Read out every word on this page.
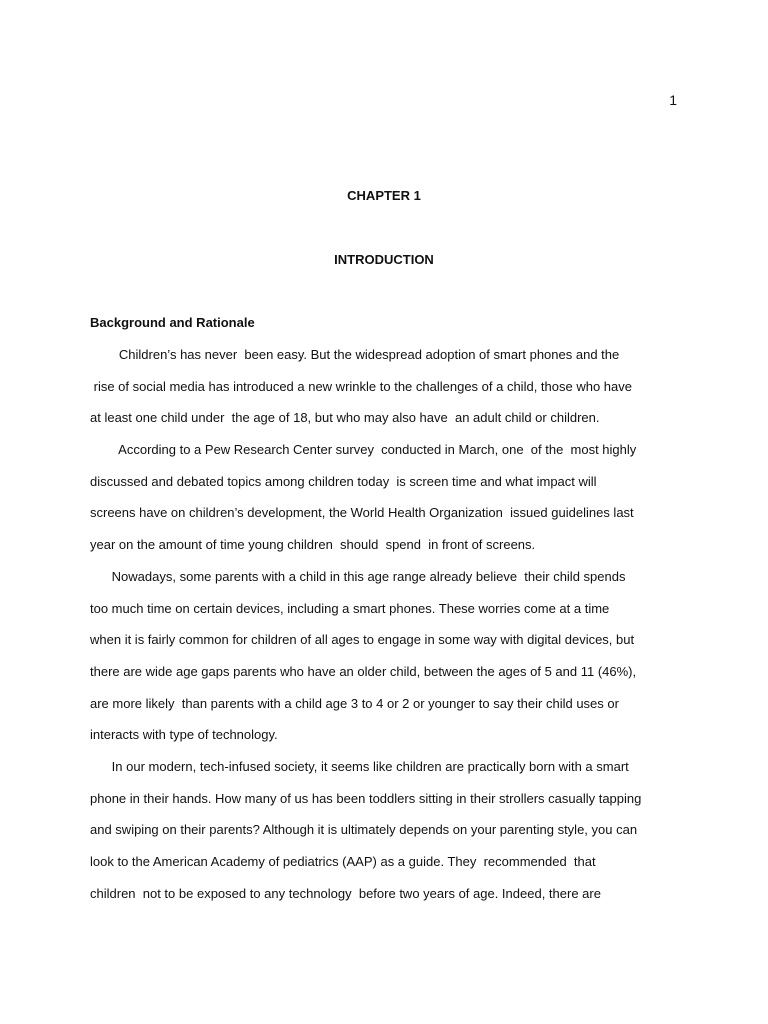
1
CHAPTER 1
INTRODUCTION
Background and Rationale
Children’s has never  been easy. But the widespread adoption of smart phones and the
rise of social media has introduced a new wrinkle to the challenges of a child, those who have
at least one child under  the age of 18, but who may also have  an adult child or children.
According to a Pew Research Center survey  conducted in March, one  of the  most highly
discussed and debated topics among children today  is screen time and what impact will
screens have on children’s development, the World Health Organization  issued guidelines last
year on the amount of time young children  should  spend  in front of screens.
Nowadays, some parents with a child in this age range already believe  their child spends
too much time on certain devices, including a smart phones. These worries come at a time
when it is fairly common for children of all ages to engage in some way with digital devices, but
there are wide age gaps parents who have an older child, between the ages of 5 and 11 (46%),
are more likely  than parents with a child age 3 to 4 or 2 or younger to say their child uses or
interacts with type of technology.
In our modern, tech-infused society, it seems like children are practically born with a smart
phone in their hands. How many of us has been toddlers sitting in their strollers casually tapping
and swiping on their parents? Although it is ultimately depends on your parenting style, you can
look to the American Academy of pediatrics (AAP) as a guide. They  recommended  that
children  not to be exposed to any technology  before two years of age. Indeed, there are
